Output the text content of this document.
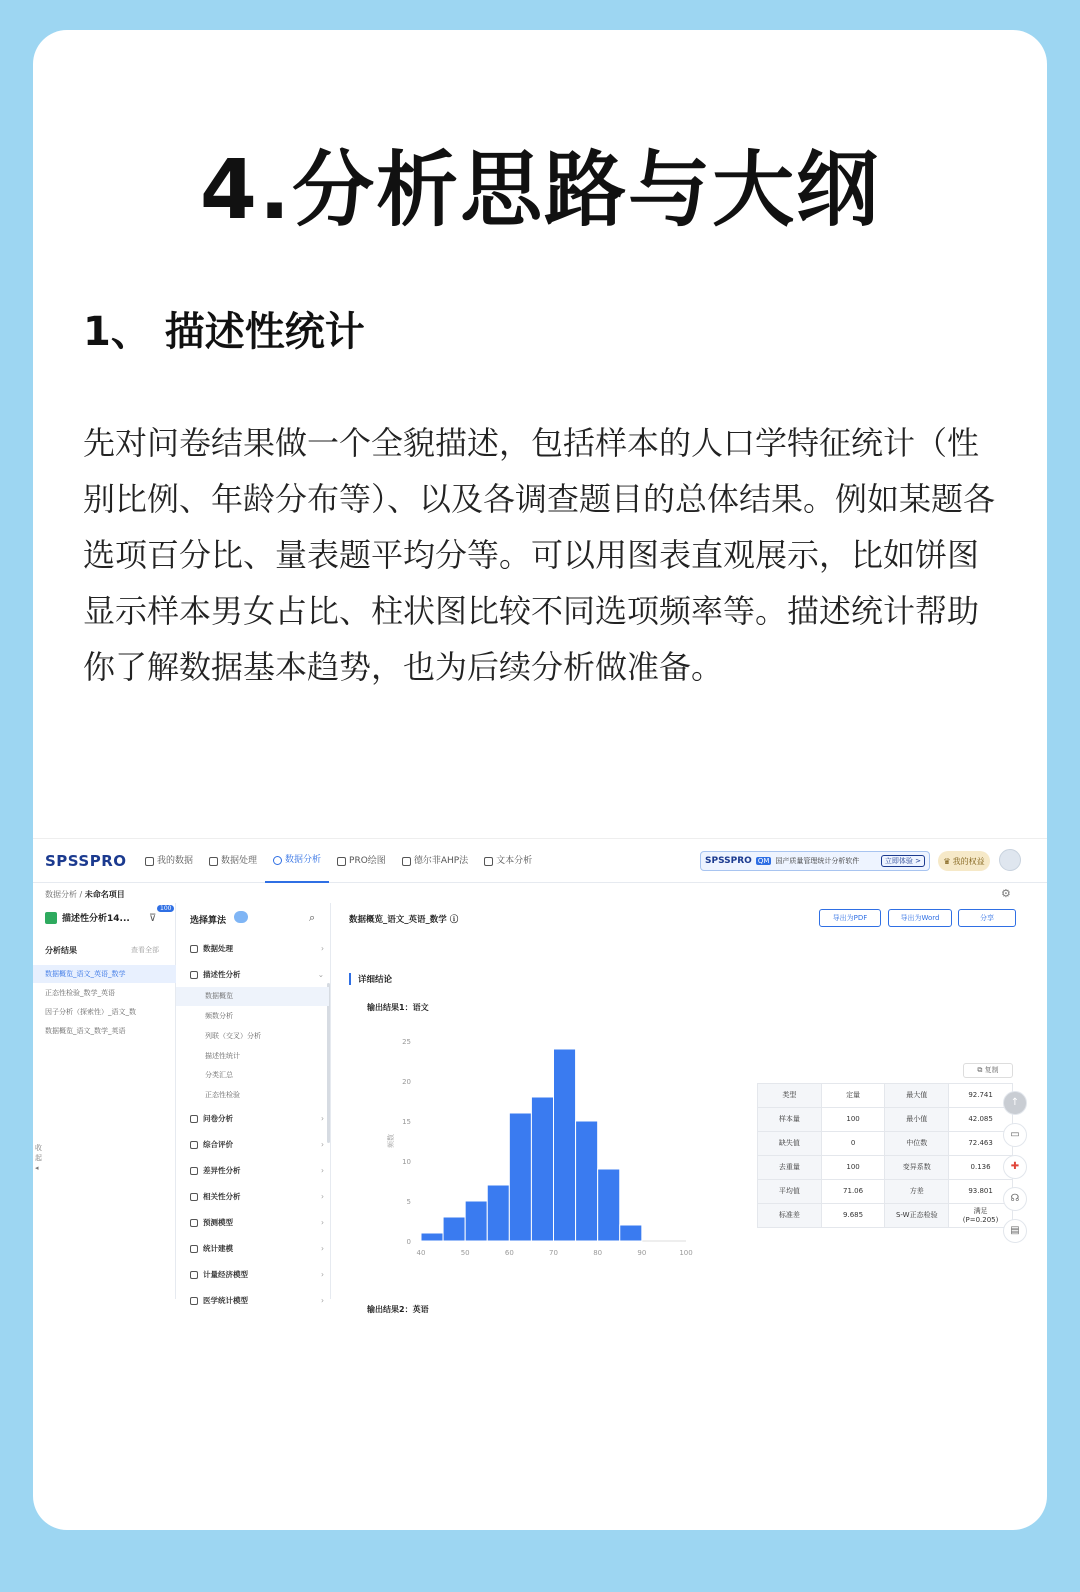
4.分析思路与大纲
1、 描述性统计
先对问卷结果做一个全貌描述，包括样本的人口学特征统计（性别比例、年龄分布等）、以及各调查题目的总体结果。例如某题各选项百分比、量表题平均分等。可以用图表直观展示，比如饼图显示样本男女占比、柱状图比较不同选项频率等。描述统计帮助你了解数据基本趋势，也为后续分析做准备。
SPSSPRO	我的数据	数据处理	数据分析	PRO绘图	德尔菲AHP法	文本分析	SPSSPRO QM 国产质量管理统计分析软件	立即体验 >	♛ 我的权益
数据分析 / 未命名项目	⚙
描述性分析14... ⊽
100
分析结果	查看全部
数据概览_语文_英语_数学
正态性检验_数学_英语
因子分析（探索性）_语文_数
数据概览_语文_数学_英语
收起◂
选择算法	⌕
数据处理	›
描述性分析	⌄
数据概览
频数分析
列联（交叉）分析
描述性统计
分类汇总
正态性检验
问卷分析	›
综合评价	›
差异性分析	›
相关性分析	›
预测模型	›
统计建模	›
计量经济模型	›
医学统计模型	›
数据概览_语文_英语_数学 ⓘ	导出为PDF	导出为Word	分享
详细结论
输出结果1：语文
0
5
10
15
20
25
40	50	60	70	80	90	100
频数
⧉ 复制
类型	定量	最大值	92.741
样本量	100	最小值	42.085
缺失值	0	中位数	72.463
去重量	100	变异系数	0.136
平均值	71.06	方差	93.801
标准差	9.685	S-W正态检验	满足
(P=0.205)
输出结果2：英语
↑
▭
✚
☊
▤
